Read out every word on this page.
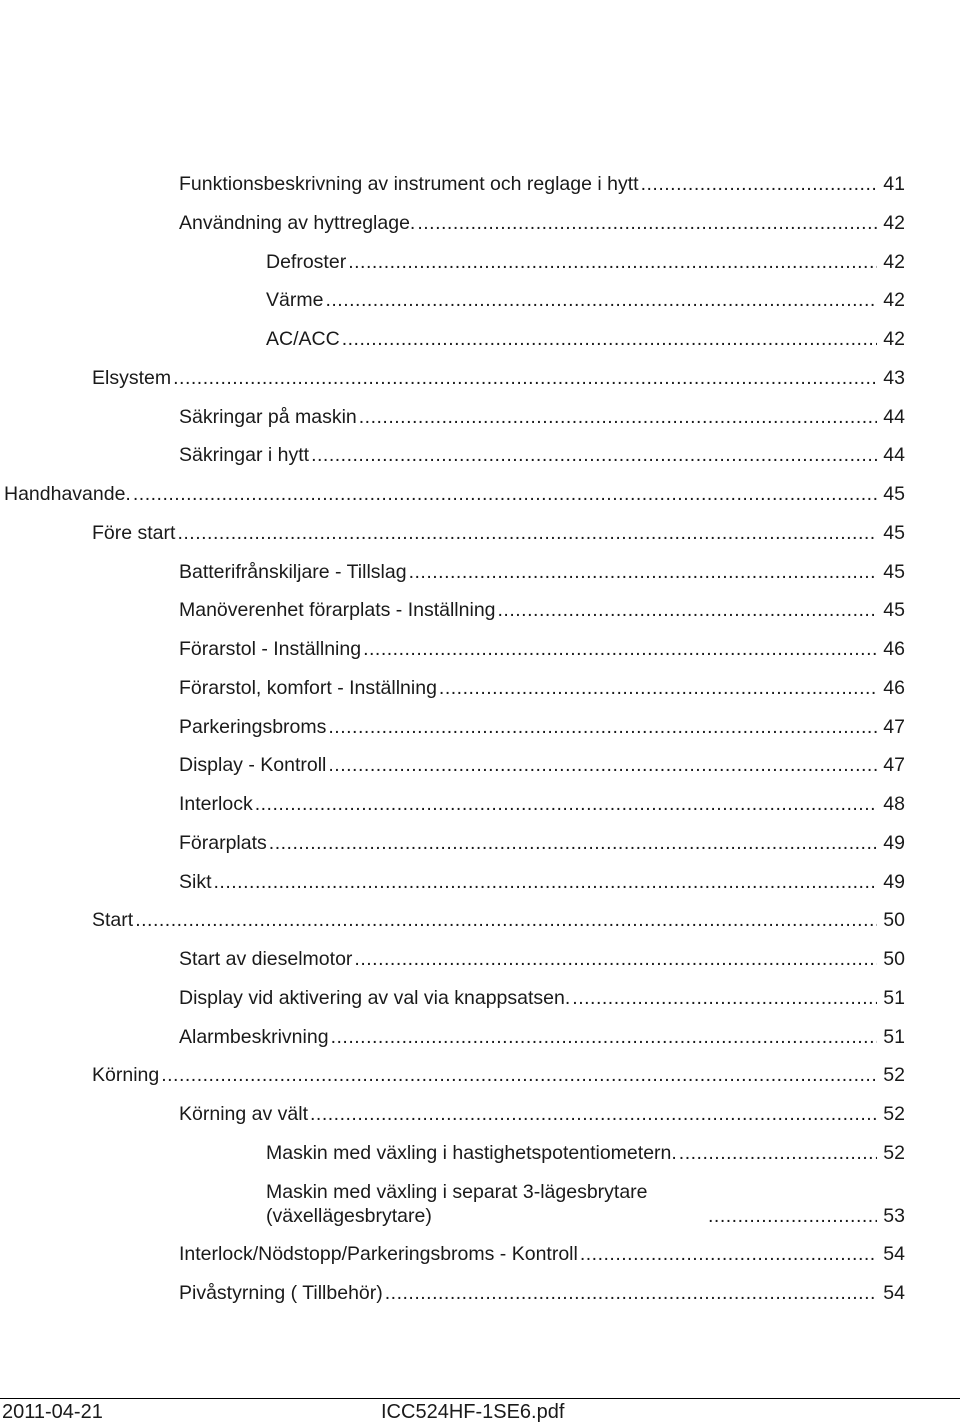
Funktionsbeskrivning av instrument och reglage i hytt .....	41
Användning av hyttreglage. .....	42
Defroster .....	42
Värme .....	42
AC/ACC .....	42
Elsystem .....	43
Säkringar på maskin .....	44
Säkringar i hytt .....	44
Handhavande. .....	45
Före start .....	45
Batterifrånskiljare - Tillslag .....	45
Manöverenhet förarplats - Inställning .....	45
Förarstol - Inställning .....	46
Förarstol, komfort - Inställning .....	46
Parkeringsbroms .....	47
Display - Kontroll .....	47
Interlock .....	48
Förarplats .....	49
Sikt .....	49
Start .....	50
Start av dieselmotor .....	50
Display vid aktivering av val via knappsatsen. .....	51
Alarmbeskrivning .....	51
Körning .....	52
Körning av vält .....	52
Maskin med växling i hastighetspotentiometern. .....	52
Maskin med växling i separat 3-lägesbrytare (växellägesbrytare) .....	53
Interlock/Nödstopp/Parkeringsbroms - Kontroll .....	54
Pivåstyrning ( Tillbehör) .....	54
2011-04-21	ICC524HF-1SE6.pdf
